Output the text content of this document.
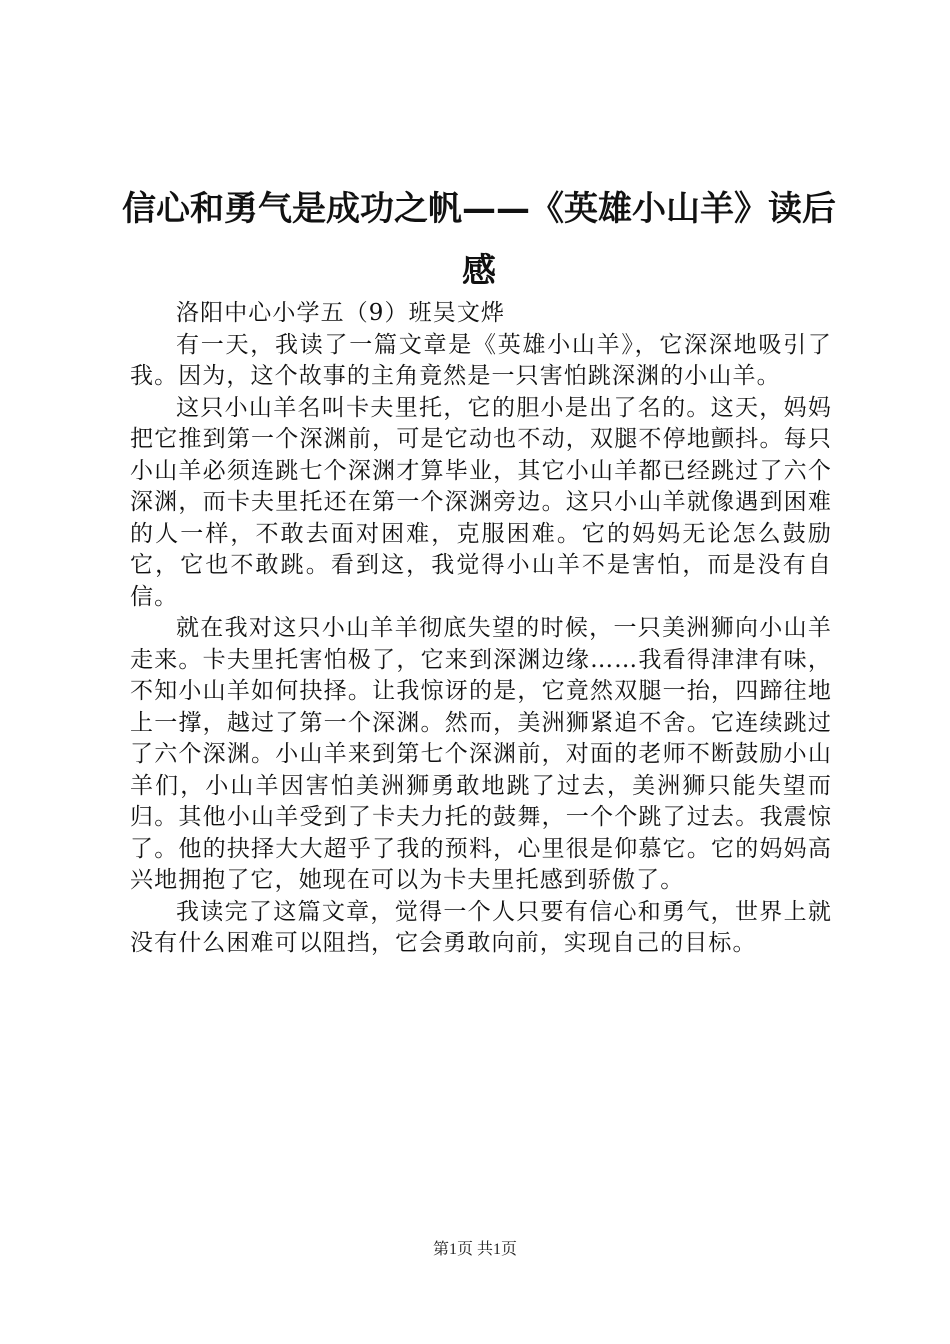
信心和勇气是成功之帆——《英雄小山羊》读后感

洛阳中心小学五（9）班吴文烨

有一天，我读了一篇文章是《英雄小山羊》，它深深地吸引了我。因为，这个故事的主角竟然是一只害怕跳深渊的小山羊。

这只小山羊名叫卡夫里托，它的胆小是出了名的。这天，妈妈把它推到第一个深渊前，可是它动也不动，双腿不停地颤抖。每只小山羊必须连跳七个深渊才算毕业，其它小山羊都已经跳过了六个深渊，而卡夫里托还在第一个深渊旁边。这只小山羊就像遇到困难的人一样，不敢去面对困难，克服困难。它的妈妈无论怎么鼓励它，它也不敢跳。看到这，我觉得小山羊不是害怕，而是没有自信。

就在我对这只小山羊羊彻底失望的时候，一只美洲狮向小山羊走来。卡夫里托害怕极了，它来到深渊边缘……我看得津津有味，不知小山羊如何抉择。让我惊讶的是，它竟然双腿一抬，四蹄往地上一撑，越过了第一个深渊。然而，美洲狮紧追不舍。它连续跳过了六个深渊。小山羊来到第七个深渊前，对面的老师不断鼓励小山羊们，小山羊因害怕美洲狮勇敢地跳了过去，美洲狮只能失望而归。其他小山羊受到了卡夫力托的鼓舞，一个个跳了过去。我震惊了。他的抉择大大超乎了我的预料，心里很是仰慕它。它的妈妈高兴地拥抱了它，她现在可以为卡夫里托感到骄傲了。

我读完了这篇文章，觉得一个人只要有信心和勇气，世界上就没有什么困难可以阻挡，它会勇敢向前，实现自己的目标。

第1页 共1页
